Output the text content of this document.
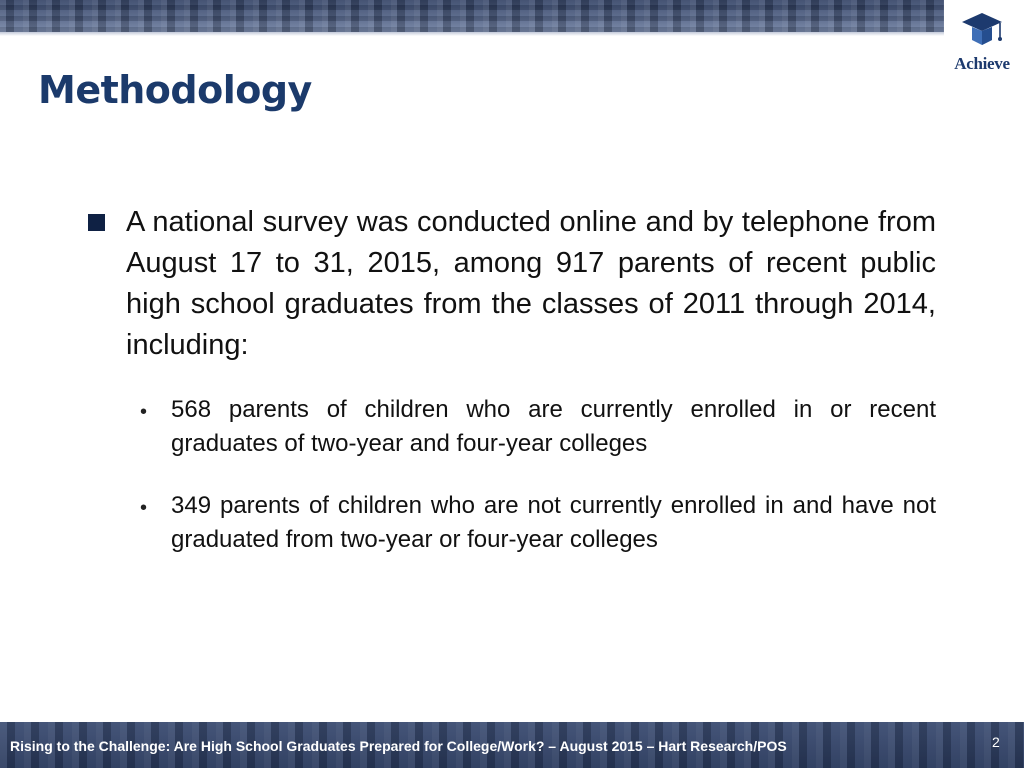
Achieve
Methodology

A national survey was conducted online and by telephone from August 17 to 31, 2015, among 917 parents of recent public high school graduates from the classes of 2011 through 2014, including:

• 568 parents of children who are currently enrolled in or recent graduates of two-year and four-year colleges

• 349 parents of children who are not currently enrolled in and have not graduated from two-year or four-year colleges

Rising to the Challenge: Are High School Graduates Prepared for College/Work? – August 2015 – Hart Research/POS	2
